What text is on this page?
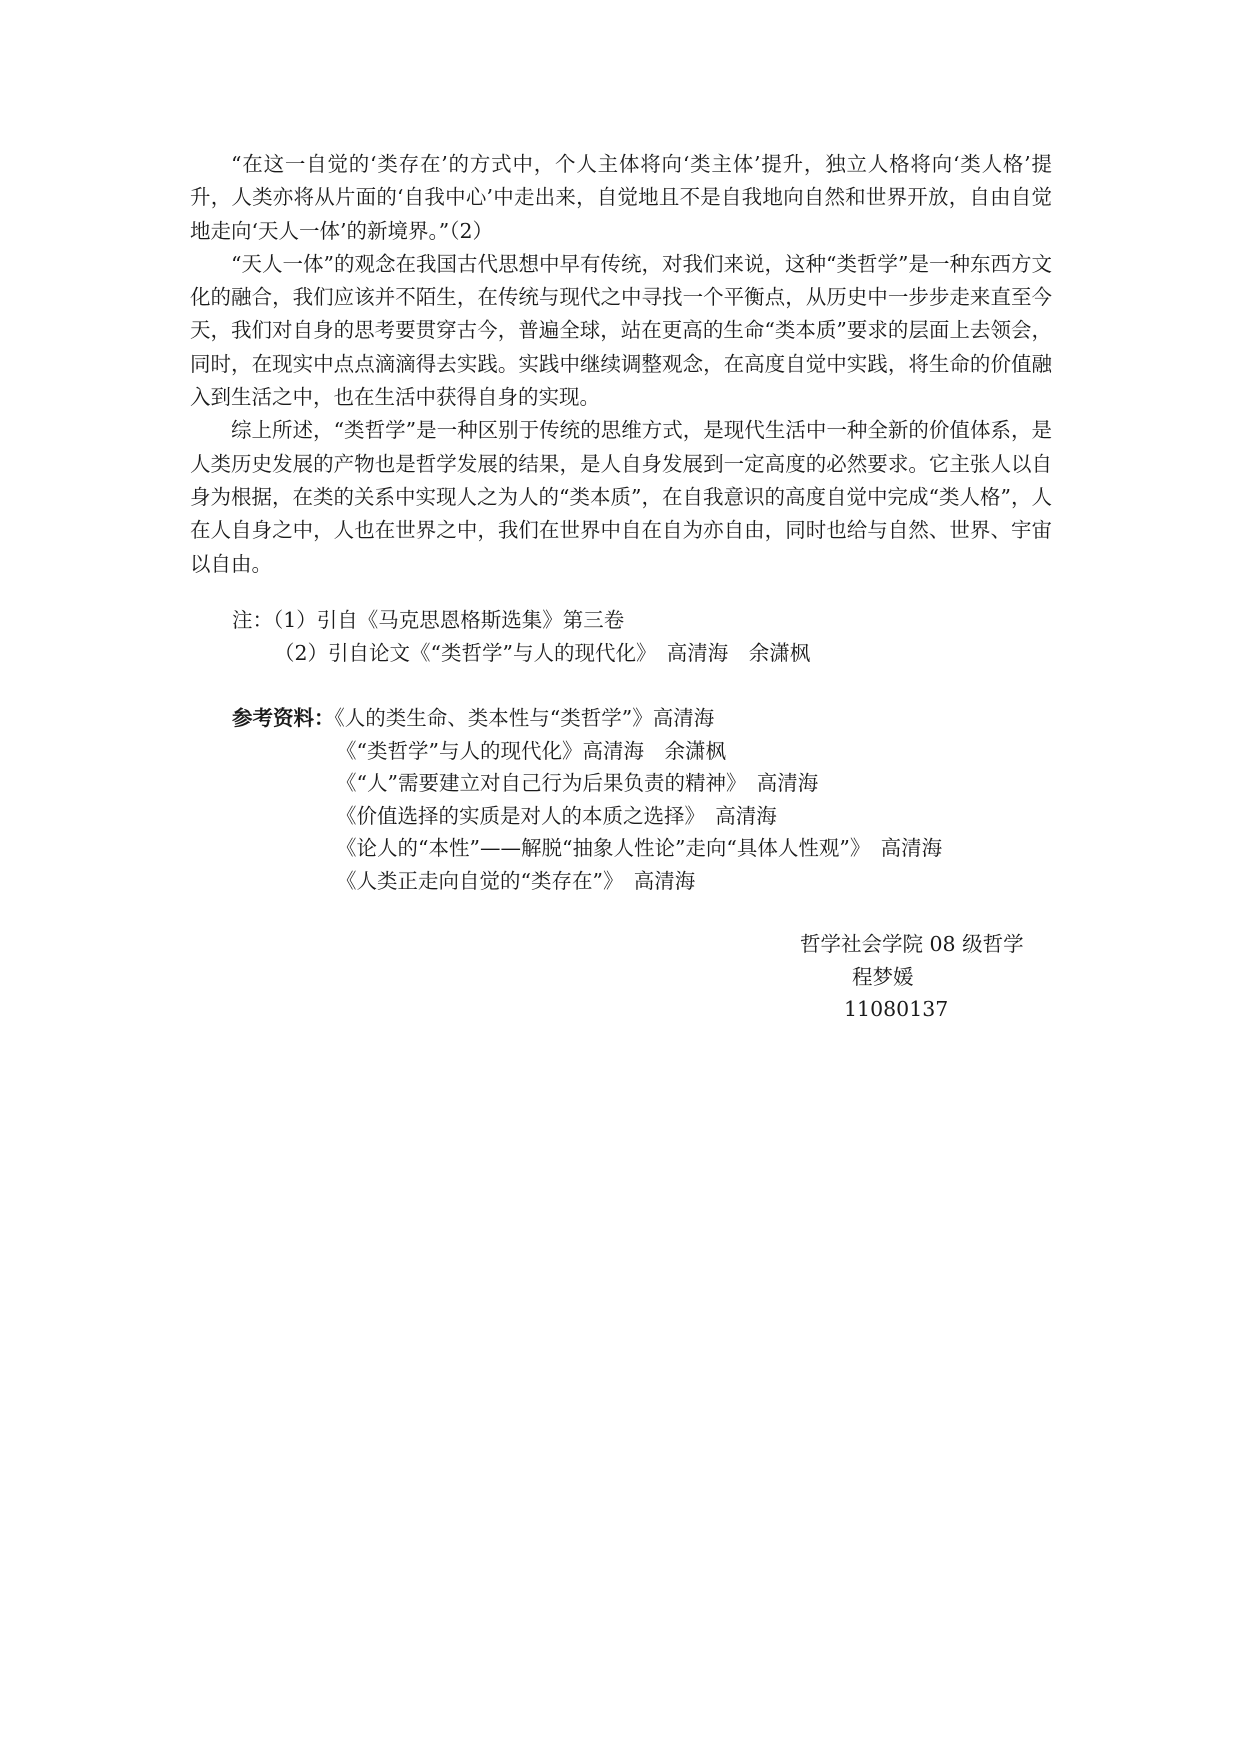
“在这一自觉的‘类存在’的方式中，个人主体将向‘类主体’提升，独立人格将向‘类人格’提升，人类亦将从片面的‘自我中心’中走出来，自觉地且不是自我地向自然和世界开放，自由自觉地走向‘天人一体’的新境界。”（2）

“天人一体”的观念在我国古代思想中早有传统，对我们来说，这种“类哲学”是一种东西方文化的融合，我们应该并不陌生，在传统与现代之中寻找一个平衡点，从历史中一步步走来直至今天，我们对自身的思考要贯穿古今，普遍全球，站在更高的生命“类本质”要求的层面上去领会，同时，在现实中点点滴滴得去实践。实践中继续调整观念，在高度自觉中实践，将生命的价值融入到生活之中，也在生活中获得自身的实现。

综上所述，“类哲学”是一种区别于传统的思维方式，是现代生活中一种全新的价值体系，是人类历史发展的产物也是哲学发展的结果，是人自身发展到一定高度的必然要求。它主张人以自身为根据，在类的关系中实现人之为人的“类本质”，在自我意识的高度自觉中完成“类人格”，人在人自身之中，人也在世界之中，我们在世界中自在自为亦自由，同时也给与自然、世界、宇宙以自由。

注：（1）引自《马克思恩格斯选集》第三卷
（2）引自论文《“类哲学”与人的现代化》　高清海　余潇枫
参考资料：《人的类生命、类本性与“类哲学”》高清海
《“类哲学”与人的现代化》高清海　余潇枫
《“人”需要建立对自己行为后果负责的精神》　高清海
《价值选择的实质是对人的本质之选择》　高清海
《论人的“本性”——解脱“抽象人性论”走向“具体人性观”》　高清海
《人类正走向自觉的“类存在”》　高清海
哲学社会学院 08 级哲学
程梦媛
11080137
